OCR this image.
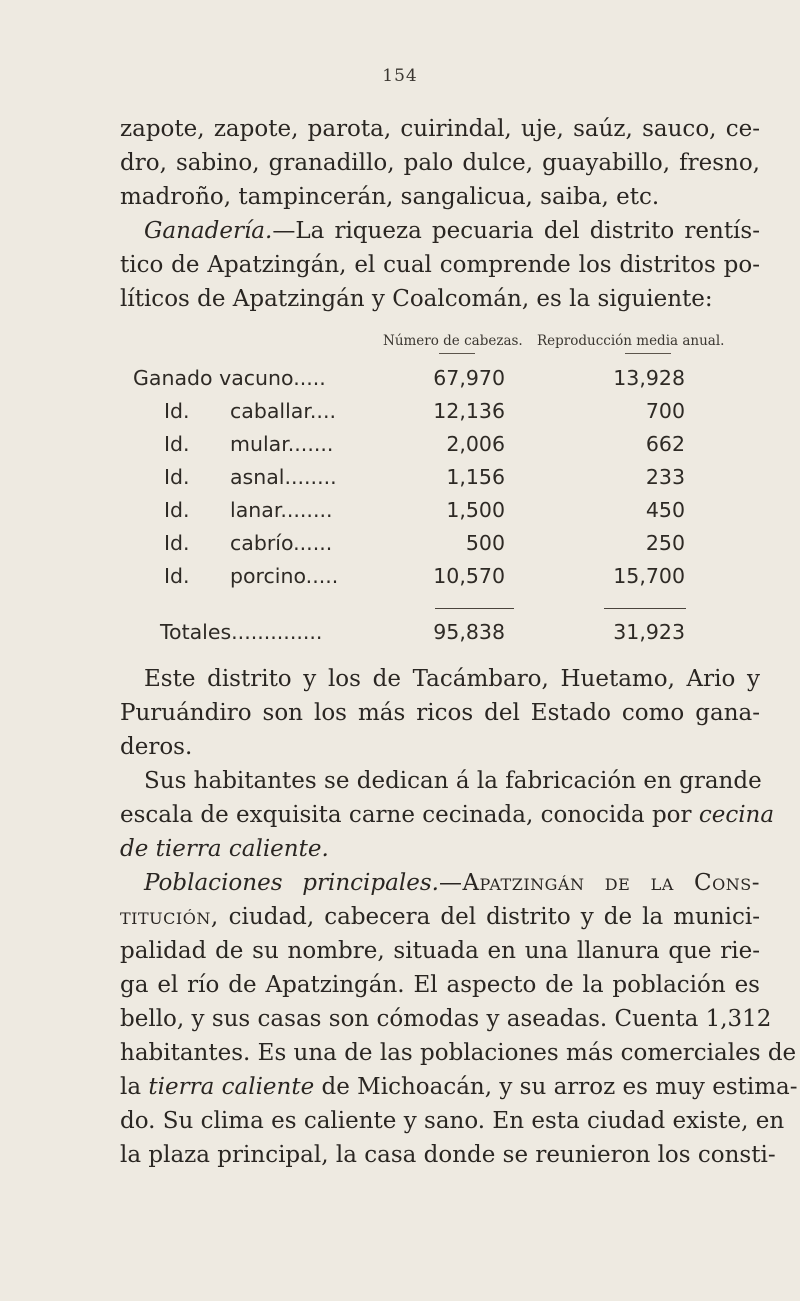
154
zapote, zapote, parota, cuirindal, uje, saúz, sauco, ce-
dro, sabino, granadillo, palo dulce, guayabillo, fresno,
madroño, tampincerán, sangalicua, saiba, etc.
Ganadería.—La riqueza pecuaria del distrito rentís-
tico de Apatzingán, el cual comprende los distritos po-
líticos de Apatzingán y Coalcomán, es la siguiente:
Número de cabezas. Reproducción media anual.
Ganado vacuno.....	67,970	13,928
Id. caballar....	12,136	700
Id. mular.......	2,006	662
Id. asnal........	1,156	233
Id. lanar........	1,500	450
Id. cabrío......	500	250
Id. porcino.....	10,570	15,700
Totales..............	95,838	31,923
Este distrito y los de Tacámbaro, Huetamo, Ario y
Puruándiro son los más ricos del Estado como gana-
deros.
Sus habitantes se dedican á la fabricación en grande
escala de exquisita carne cecinada, conocida por cecina
de tierra caliente.
Poblaciones principales.—Apatzingán de la Cons-
titución, ciudad, cabecera del distrito y de la munici-
palidad de su nombre, situada en una llanura que rie-
ga el río de Apatzingán. El aspecto de la población es
bello, y sus casas son cómodas y aseadas. Cuenta 1,312
habitantes. Es una de las poblaciones más comerciales de
la tierra caliente de Michoacán, y su arroz es muy estima-
do. Su clima es caliente y sano. En esta ciudad existe, en
la plaza principal, la casa donde se reunieron los consti-
